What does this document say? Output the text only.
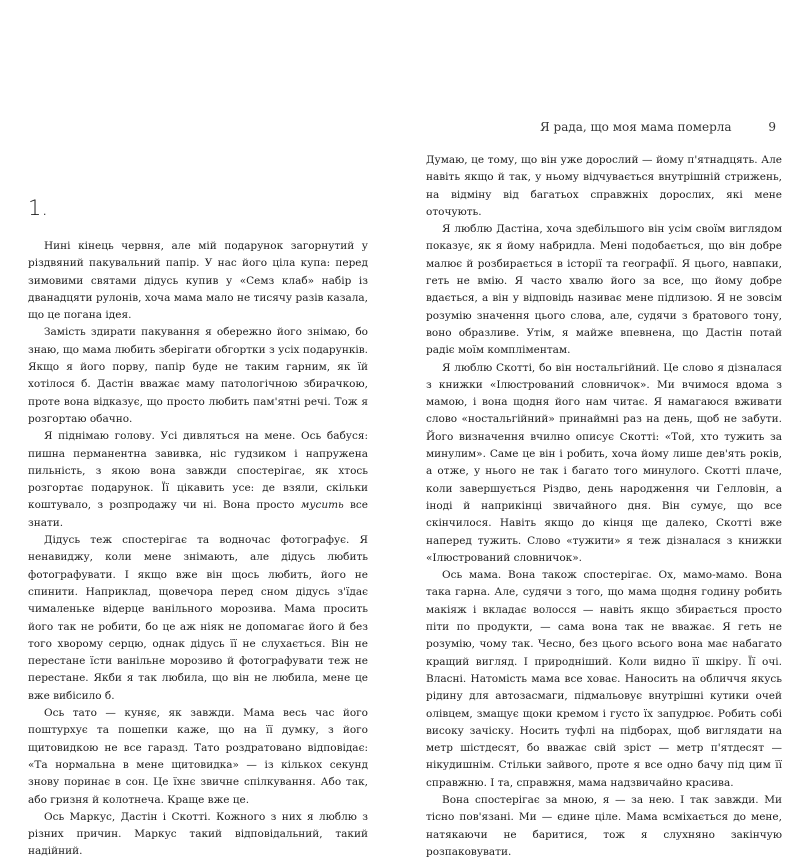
Я рада, що моя мама померла	9
1.

Нині кінець червня, але мій подарунок загорнутий у різдвяний пакувальний папір. У нас його ціла купа: перед зимовими святами дідусь купив у «Семз клаб» набір із дванадцяти рулонів, хоча мама мало не тисячу разів казала, що це погана ідея.

Замість здирати пакування я обережно його знімаю, бо знаю, що мама любить зберігати обгортки з усіх подарунків. Якщо я його порву, папір буде не таким гарним, як їй хотілося б. Дастін вважає маму патологічною збирачкою, проте вона відказує, що просто любить пам'ятні речі. Тож я розгортаю обачно.

Я піднімаю голову. Усі дивляться на мене. Ось бабуся: пишна перманентна завивка, ніс гудзиком і напружена пильність, з якою вона завжди спостерігає, як хтось розгортає подарунок. Її цікавить усе: де взяли, скільки коштувало, з розпродажу чи ні. Вона просто мусить все знати.

Дідусь теж спостерігає та водночас фотографує. Я ненавиджу, коли мене знімають, але дідусь любить фотографувати. І якщо вже він щось любить, його не спинити. Наприклад, щовечора перед сном дідусь з'їдає чималеньке відерце ванільного морозива. Мама просить його так не робити, бо це аж ніяк не допомагає його й без того хворому серцю, однак дідусь її не слухається. Він не перестане їсти ванільне морозиво й фотографувати теж не перестане. Якби я так любила, що він не любила, мене це вже вибісило б.

Ось тато — куняє, як завжди. Мама весь час його поштурхує та пошепки каже, що на її думку, з його щитовидкою не все гаразд. Тато роздратовано відповідає: «Та нормальна в мене щитовидка» — із кількох секунд знову поринає в сон. Це їхнє звичне спілкування. Або так, або гризня й колотнеча. Краще вже це.

Ось Маркус, Дастін і Скотті. Кожного з них я люблю з різних причин. Маркус такий відповідальний, такий надійний.

Думаю, це тому, що він уже дорослий — йому п'ятнадцять. Але навіть якщо й так, у ньому відчувається внутрішній стрижень, на відміну від багатьох справжніх дорослих, які мене оточують.

Я люблю Дастіна, хоча здебільшого він усім своїм виглядом показує, як я йому набридла. Мені подобається, що він добре малює й розбирається в історії та географії. Я цього, навпаки, геть не вмію. Я часто хвалю його за все, що йому добре вдається, а він у відповідь називає мене підлизою. Я не зовсім розумію значення цього слова, але, судячи з братового тону, воно образливе. Утім, я майже впевнена, що Дастін потай радіє моїм компліментам.

Я люблю Скотті, бо він ностальгійний. Це слово я дізналася з книжки «Ілюстрований словничок». Ми вчимося вдома з мамою, і вона щодня його нам читає. Я намагаюся вживати слово «ностальгійний» принаймні раз на день, щоб не забути. Його визначення вчилно описує Скотті: «Той, хто тужить за минулим». Саме це він і робить, хоча йому лише дев'ять років, а отже, у нього не так і багато того минулого. Скотті плаче, коли завершується Різдво, день народження чи Гелловін, а іноді й наприкінці звичайного дня. Він сумує, що все скінчилося. Навіть якщо до кінця ще далеко, Скотті вже наперед тужить. Слово «тужити» я теж дізналася з книжки «Ілюстрований словничок».

Ось мама. Вона також спостерігає. Ох, мамо-мамо. Вона така гарна. Але, судячи з того, що мама щодня годину робить макіяж і вкладає волосся — навіть якщо збирається просто піти по продукти, — сама вона так не вважає. Я геть не розумію, чому так. Чесно, без цього всього вона має набагато кращий вигляд. І природніший. Коли видно її шкіру. Її очі. Власні. Натомість мама все ховає. Наносить на обличчя якусь рідину для автозасмаги, підмальовує внутрішні кутики очей олівцем, змащує щоки кремом і густо їх запудрює. Робить собі високу зачіску. Носить туфлі на підборах, щоб виглядати на метр шістдесят, бо вважає свій зріст — метр п'ятдесят — нікудишнім. Стільки зайвого, проте я все одно бачу під цим її справжню. І та, справжня, мама надзвичайно красива.

Вона спостерігає за мною, я — за нею. І так завжди. Ми тісно пов'язані. Ми — єдине ціле. Мама всміхається до мене, натякаючи не баритися, тож я слухняно закінчую розпаковувати.
